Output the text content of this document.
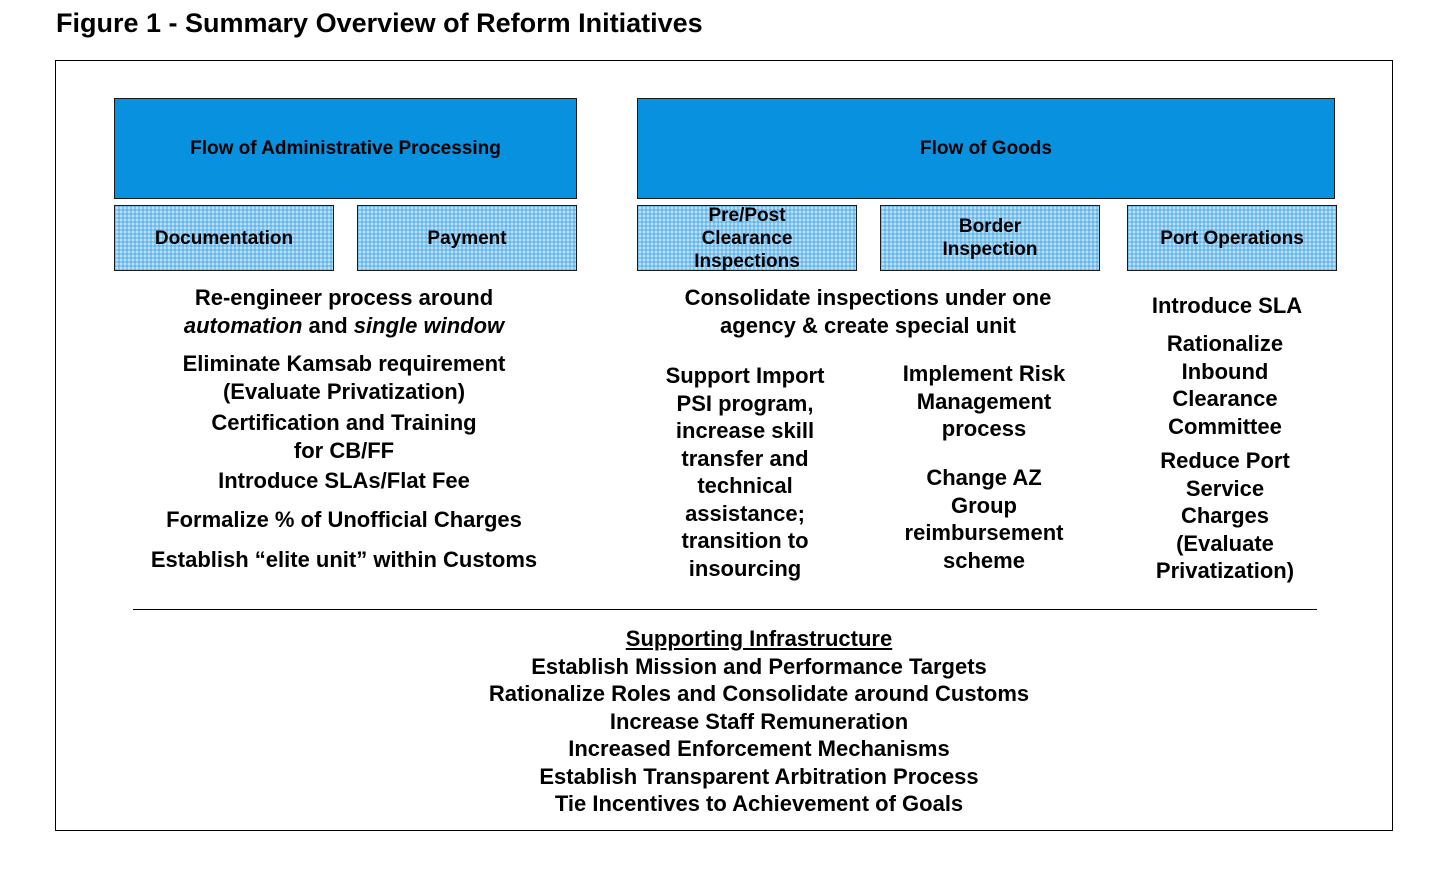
Figure 1 - Summary Overview of Reform Initiatives
Flow of Administrative Processing	Flow of Goods
Documentation	Payment
Pre/Post
Clearance
Inspections
Border
Inspection
Port Operations
Re-engineer process around
automation and single window
Eliminate Kamsab requirement
(Evaluate Privatization)
Certification and Training
for CB/FF
Introduce SLAs/Flat Fee
Formalize % of Unofficial Charges
Establish “elite unit” within Customs
Consolidate inspections under one
agency & create special unit
Support Import
PSI program,
increase skill
transfer and
technical
assistance;
transition to
insourcing
Implement Risk
Management
process
Change AZ
Group
reimbursement
scheme
Introduce SLA
Rationalize
Inbound
Clearance
Committee
Reduce Port
Service
Charges
(Evaluate
Privatization)
Supporting Infrastructure
Establish Mission and Performance Targets
Rationalize Roles and Consolidate around Customs
Increase Staff Remuneration
Increased Enforcement Mechanisms
Establish Transparent Arbitration Process
Tie Incentives to Achievement of Goals
